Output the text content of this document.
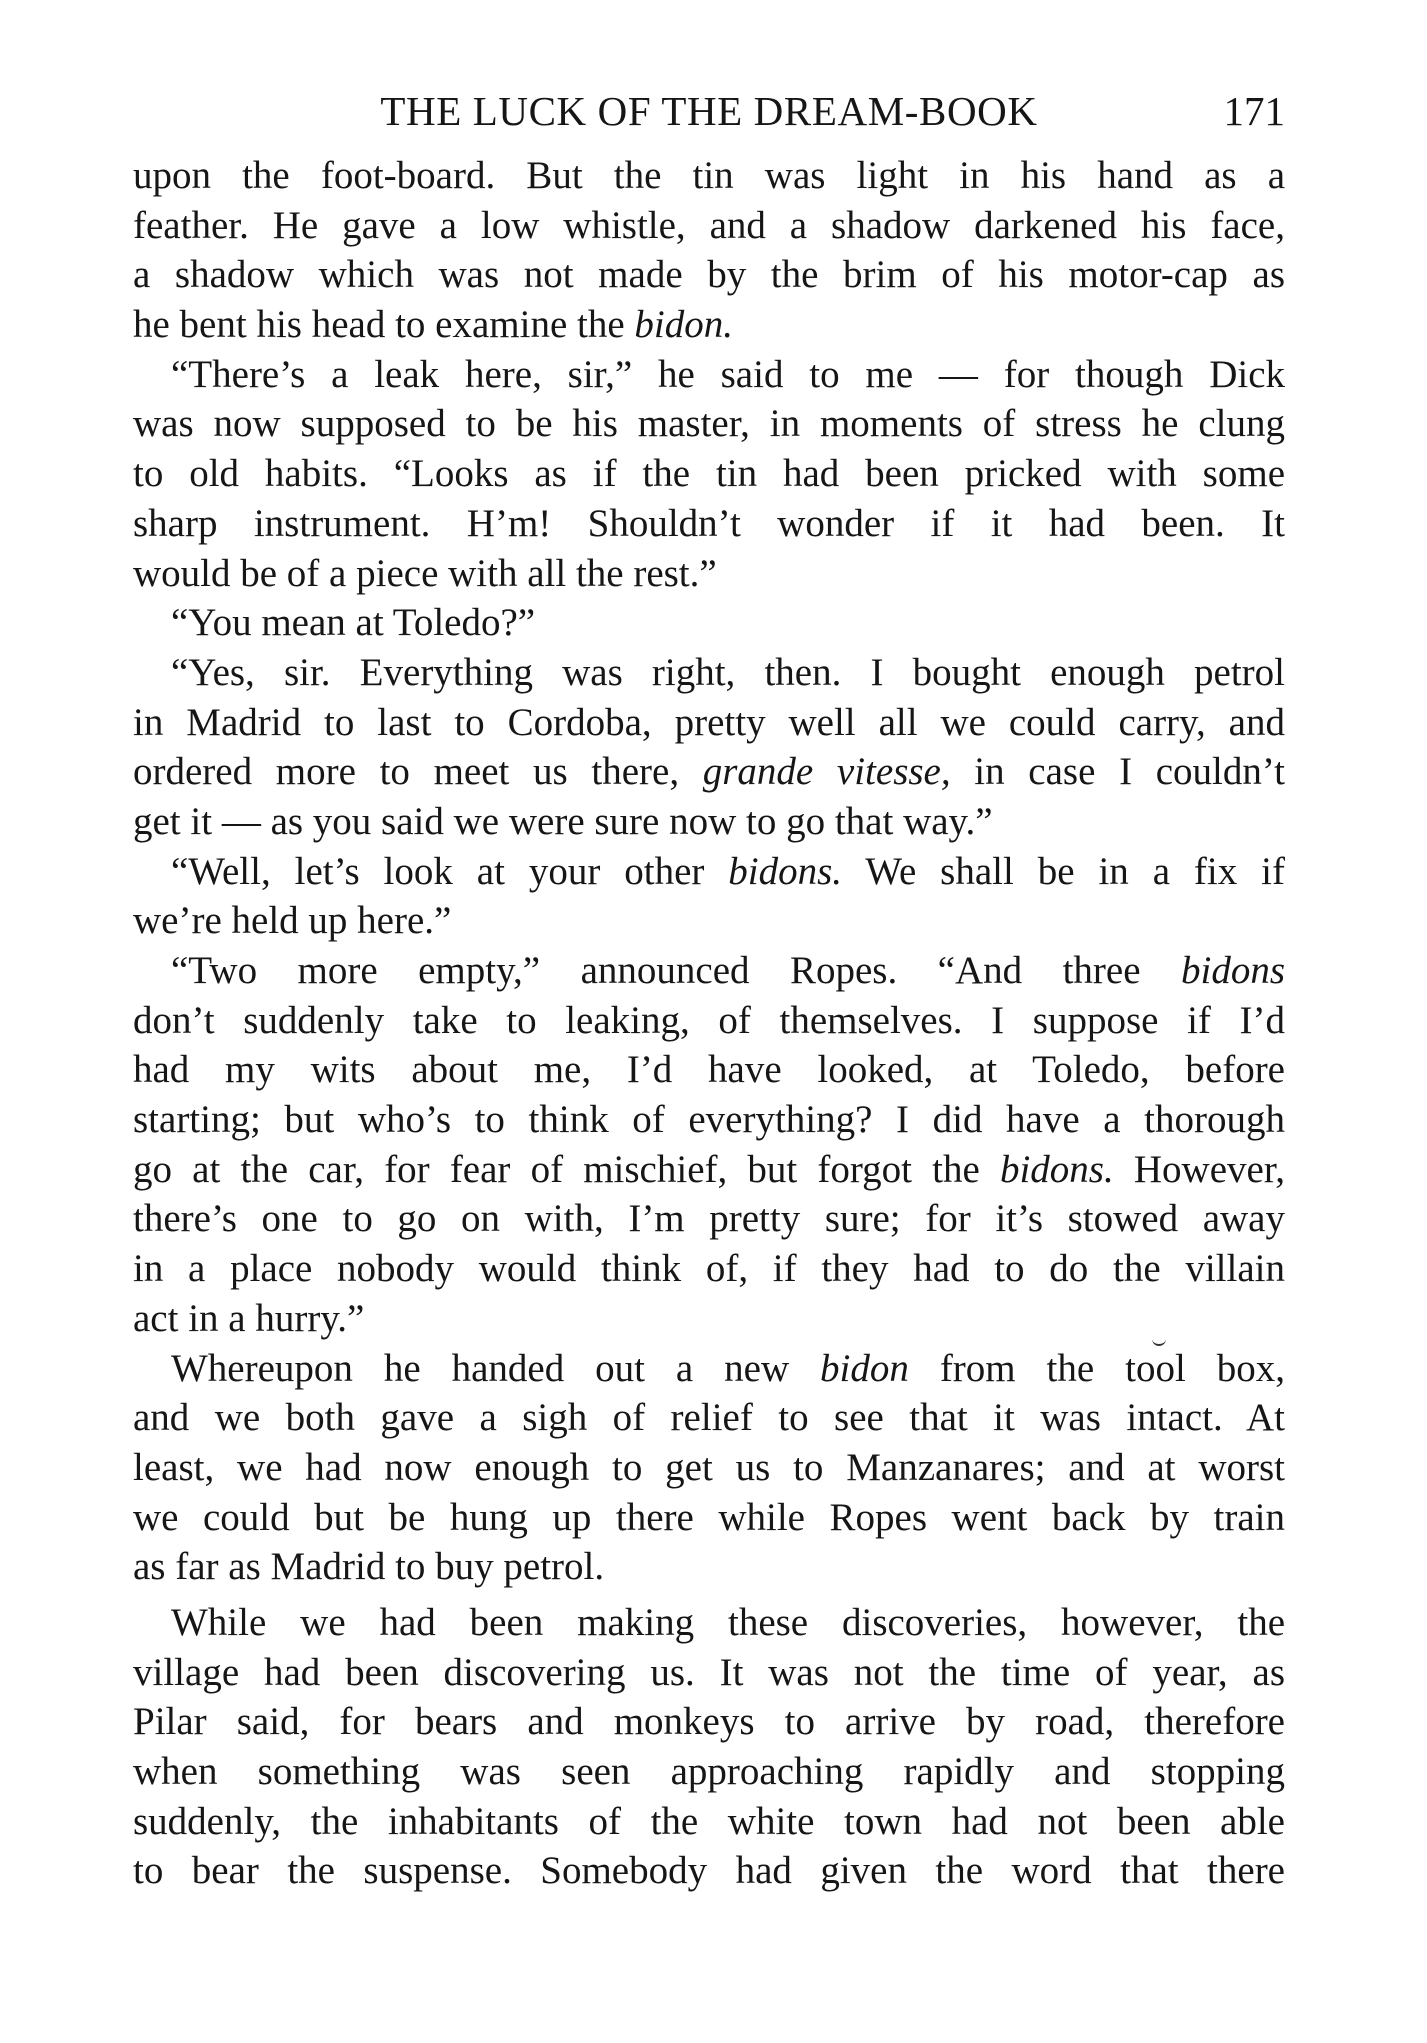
THE LUCK OF THE DREAM-BOOK	171
upon the foot-board. But the tin was light in his hand as a
feather. He gave a low whistle, and a shadow darkened his face,
a shadow which was not made by the brim of his motor-cap as
he bent his head to examine the bidon.
“There’s a leak here, sir,” he said to me — for though Dick
was now supposed to be his master, in moments of stress he clung
to old habits. “Looks as if the tin had been pricked with some
sharp instrument. H’m! Shouldn’t wonder if it had been. It
would be of a piece with all the rest.”
“You mean at Toledo?”
“Yes, sir. Everything was right, then. I bought enough petrol
in Madrid to last to Cordoba, pretty well all we could carry, and
ordered more to meet us there, grande vitesse, in case I couldn’t
get it — as you said we were sure now to go that way.”
“Well, let’s look at your other bidons. We shall be in a fix if
we’re held up here.”
“Two more empty,” announced Ropes. “And three bidons
don’t suddenly take to leaking, of themselves. I suppose if I’d
had my wits about me, I’d have looked, at Toledo, before
starting; but who’s to think of everything? I did have a thorough
go at the car, for fear of mischief, but forgot the bidons. However,
there’s one to go on with, I’m pretty sure; for it’s stowed away
in a place nobody would think of, if they had to do the villain
act in a hurry.”
Whereupon he handed out a new bidon from the tool box,
and we both gave a sigh of relief to see that it was intact. At
least, we had now enough to get us to Manzanares; and at worst
we could but be hung up there while Ropes went back by train
as far as Madrid to buy petrol.
While we had been making these discoveries, however, the
village had been discovering us. It was not the time of year, as
Pilar said, for bears and monkeys to arrive by road, therefore
when something was seen approaching rapidly and stopping
suddenly, the inhabitants of the white town had not been able
to bear the suspense. Somebody had given the word that there
